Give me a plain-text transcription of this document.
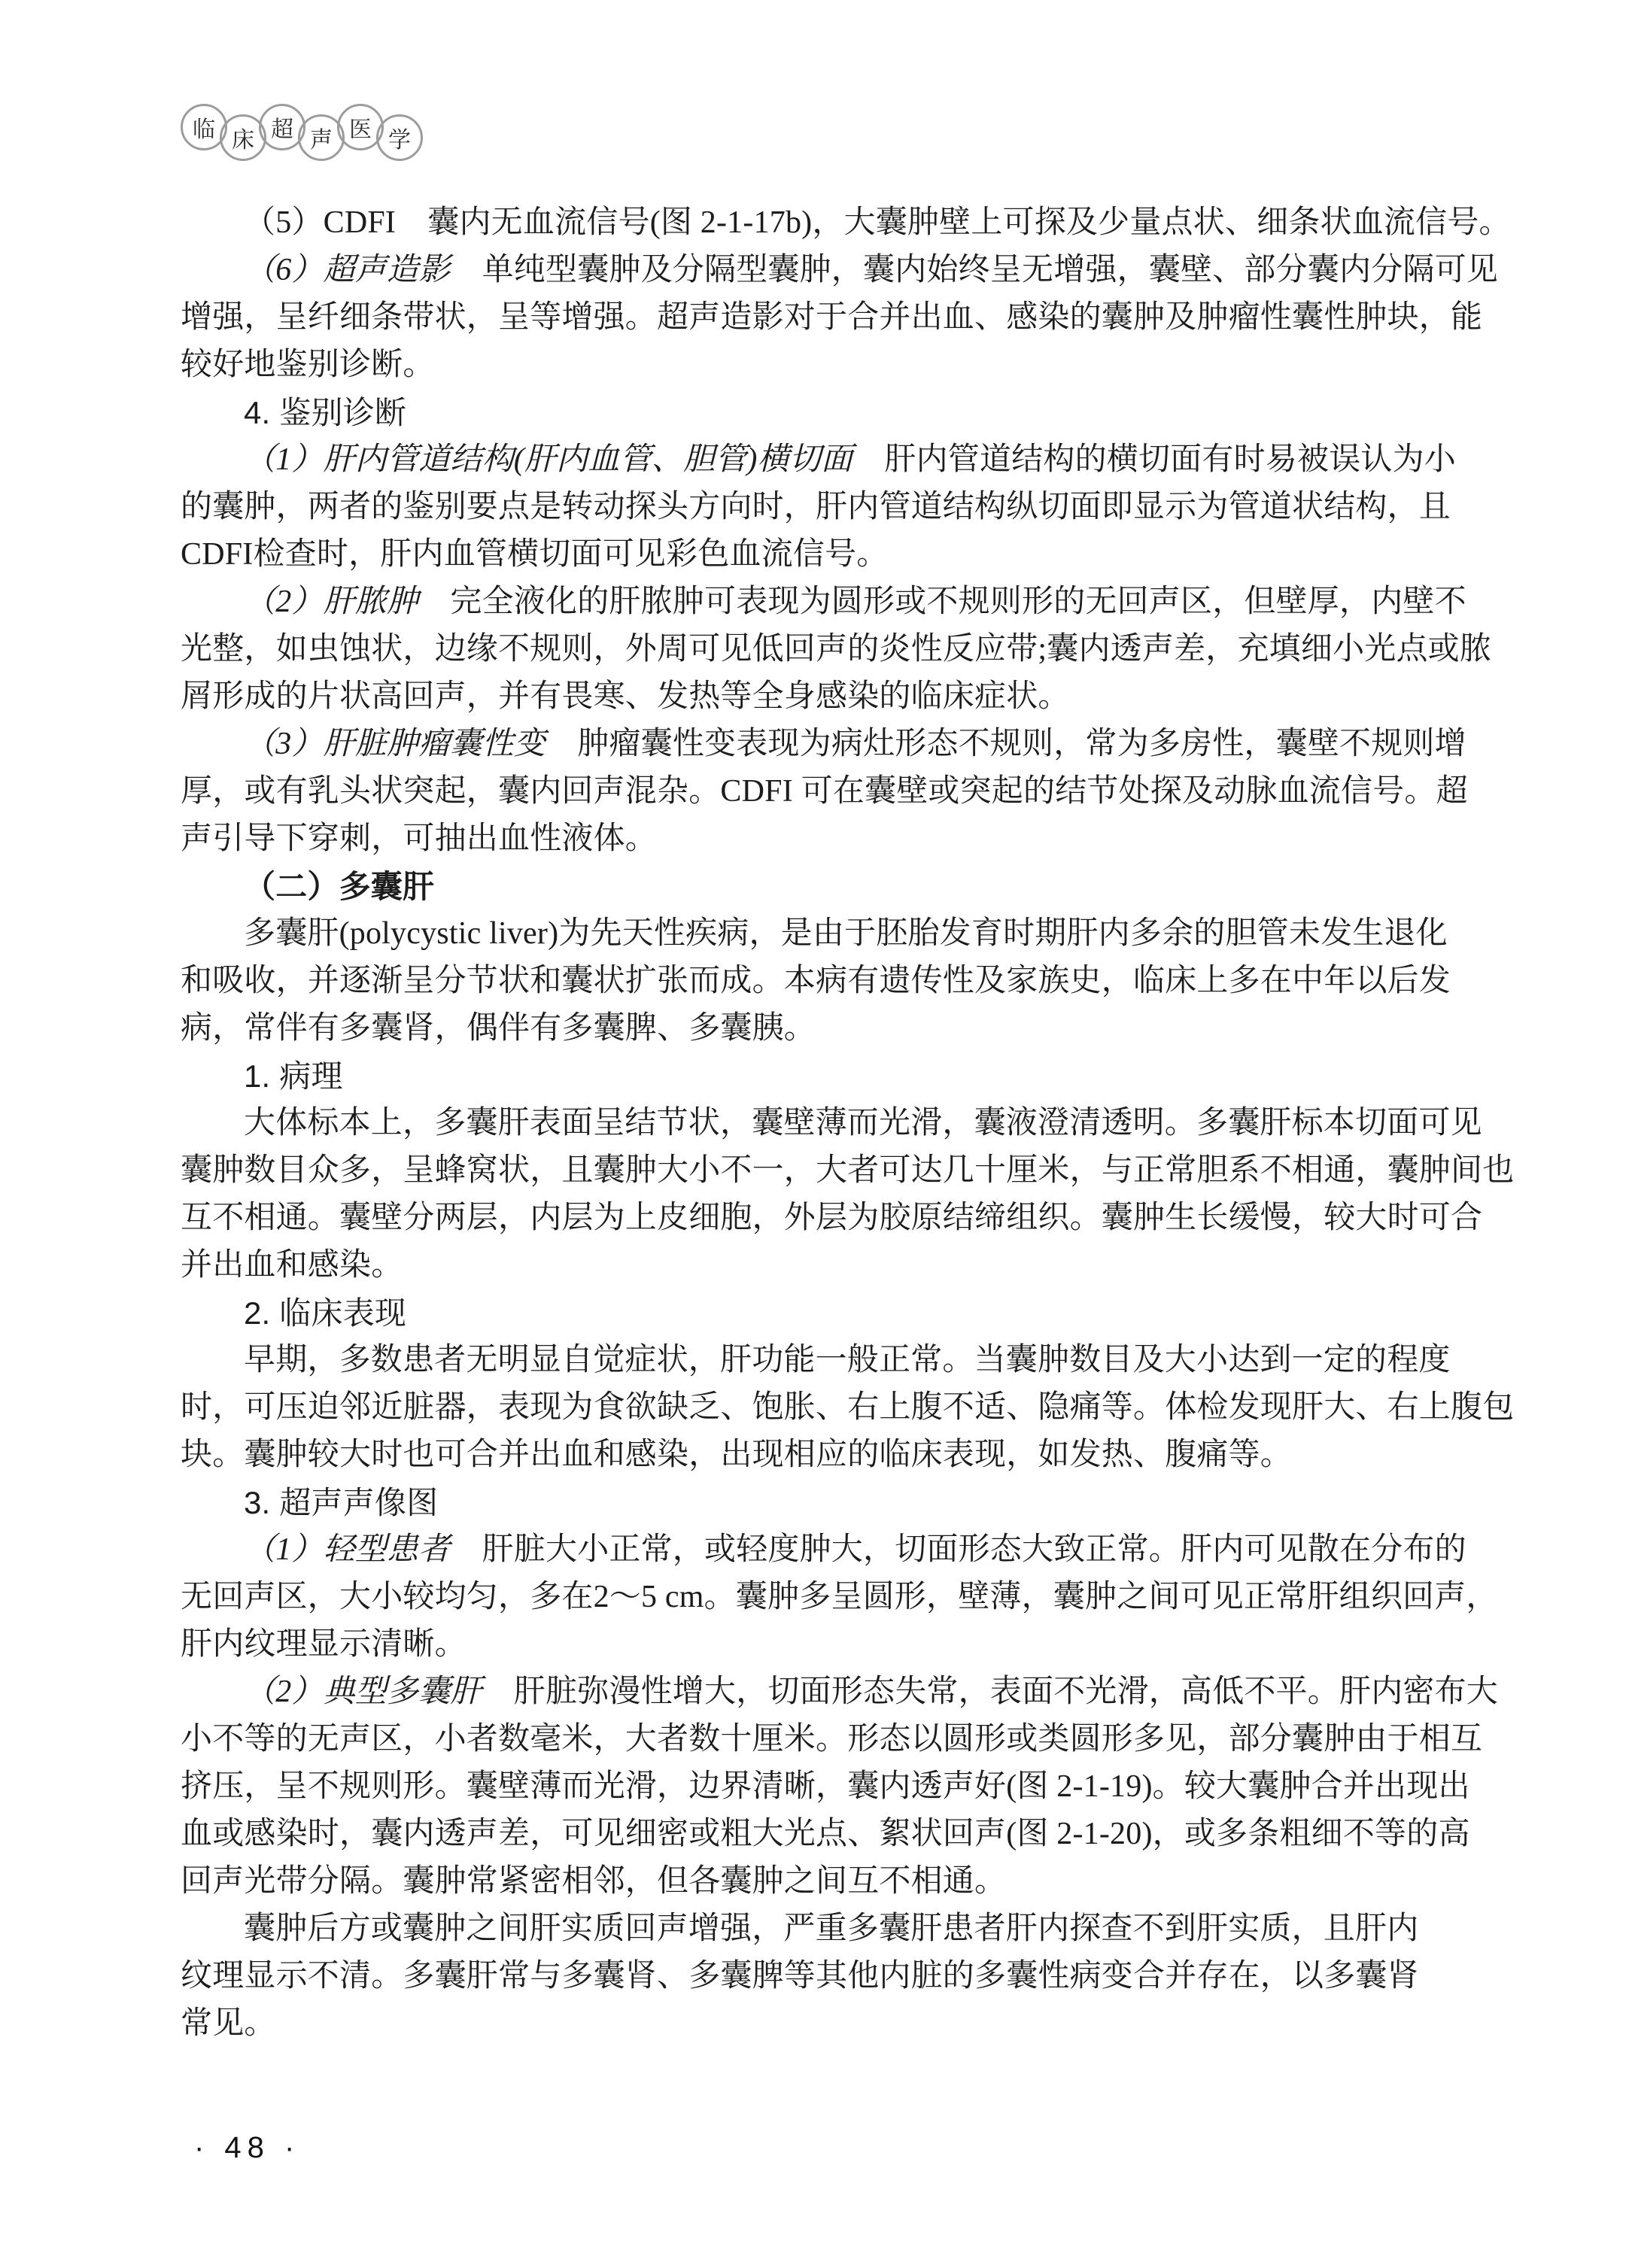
临 床 超 声 医 学
（5）CDFI　囊内无血流信号(图 2-1-17b)，大囊肿壁上可探及少量点状、细条状血流信号。
（6）超声造影　单纯型囊肿及分隔型囊肿，囊内始终呈无增强，囊壁、部分囊内分隔可见
增强，呈纤细条带状，呈等增强。超声造影对于合并出血、感染的囊肿及肿瘤性囊性肿块，能
较好地鉴别诊断。
4. 鉴别诊断
（1）肝内管道结构(肝内血管、胆管)横切面　肝内管道结构的横切面有时易被误认为小
的囊肿，两者的鉴别要点是转动探头方向时，肝内管道结构纵切面即显示为管道状结构，且
CDFI检查时，肝内血管横切面可见彩色血流信号。
（2）肝脓肿　完全液化的肝脓肿可表现为圆形或不规则形的无回声区，但壁厚，内壁不
光整，如虫蚀状，边缘不规则，外周可见低回声的炎性反应带;囊内透声差，充填细小光点或脓
屑形成的片状高回声，并有畏寒、发热等全身感染的临床症状。
（3）肝脏肿瘤囊性变　肿瘤囊性变表现为病灶形态不规则，常为多房性，囊壁不规则增
厚，或有乳头状突起，囊内回声混杂。CDFI 可在囊壁或突起的结节处探及动脉血流信号。超
声引导下穿刺，可抽出血性液体。
（二）多囊肝
多囊肝(polycystic liver)为先天性疾病，是由于胚胎发育时期肝内多余的胆管未发生退化
和吸收，并逐渐呈分节状和囊状扩张而成。本病有遗传性及家族史，临床上多在中年以后发
病，常伴有多囊肾，偶伴有多囊脾、多囊胰。
1. 病理
大体标本上，多囊肝表面呈结节状，囊壁薄而光滑，囊液澄清透明。多囊肝标本切面可见
囊肿数目众多，呈蜂窝状，且囊肿大小不一，大者可达几十厘米，与正常胆系不相通，囊肿间也
互不相通。囊壁分两层，内层为上皮细胞，外层为胶原结缔组织。囊肿生长缓慢，较大时可合
并出血和感染。
2. 临床表现
早期，多数患者无明显自觉症状，肝功能一般正常。当囊肿数目及大小达到一定的程度
时，可压迫邻近脏器，表现为食欲缺乏、饱胀、右上腹不适、隐痛等。体检发现肝大、右上腹包
块。囊肿较大时也可合并出血和感染，出现相应的临床表现，如发热、腹痛等。
3. 超声声像图
（1）轻型患者　肝脏大小正常，或轻度肿大，切面形态大致正常。肝内可见散在分布的
无回声区，大小较均匀，多在2～5 cm。囊肿多呈圆形，壁薄，囊肿之间可见正常肝组织回声，
肝内纹理显示清晰。
（2）典型多囊肝　肝脏弥漫性增大，切面形态失常，表面不光滑，高低不平。肝内密布大
小不等的无声区，小者数毫米，大者数十厘米。形态以圆形或类圆形多见，部分囊肿由于相互
挤压，呈不规则形。囊壁薄而光滑，边界清晰，囊内透声好(图 2-1-19)。较大囊肿合并出现出
血或感染时，囊内透声差，可见细密或粗大光点、絮状回声(图 2-1-20)，或多条粗细不等的高
回声光带分隔。囊肿常紧密相邻，但各囊肿之间互不相通。
囊肿后方或囊肿之间肝实质回声增强，严重多囊肝患者肝内探查不到肝实质，且肝内
纹理显示不清。多囊肝常与多囊肾、多囊脾等其他内脏的多囊性病变合并存在，以多囊肾
常见。
· 48 ·
